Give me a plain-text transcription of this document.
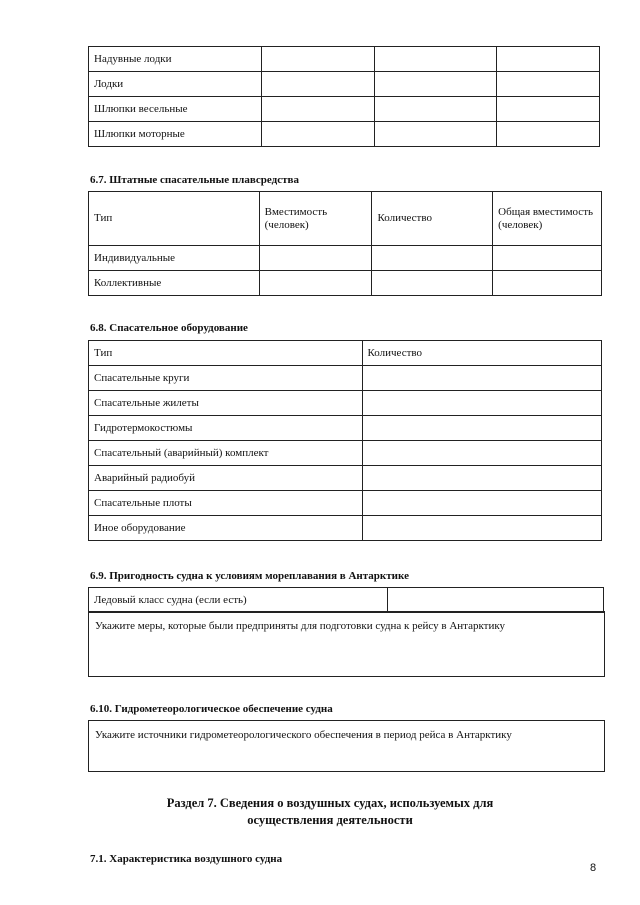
Надувные лодки			
Лодки			
Шлюпки весельные			
Шлюпки моторные			
6.7. Штатные спасательные плавсредства
Тип	Вместимость (человек)	Количество	Общая вместимость (человек)
Индивидуальные			
Коллективные			
6.8. Спасательное оборудование
Тип	Количество
Спасательные круги	
Спасательные жилеты	
Гидротермокостюмы	
Спасательный (аварийный) комплект	
Аварийный радиобуй	
Спасательные плоты	
Иное оборудование	
6.9. Пригодность судна к условиям мореплавания в Антарктике
Ледовый класс судна (если есть)	
Укажите меры, которые были предприняты для подготовки судна к рейсу в Антарктику
6.10. Гидрометеорологическое обеспечение судна
Укажите источники гидрометеорологического обеспечения в период рейса в Антарктику
Раздел 7. Сведения о воздушных судах, используемых для осуществления деятельности
7.1. Характеристика воздушного судна
8
